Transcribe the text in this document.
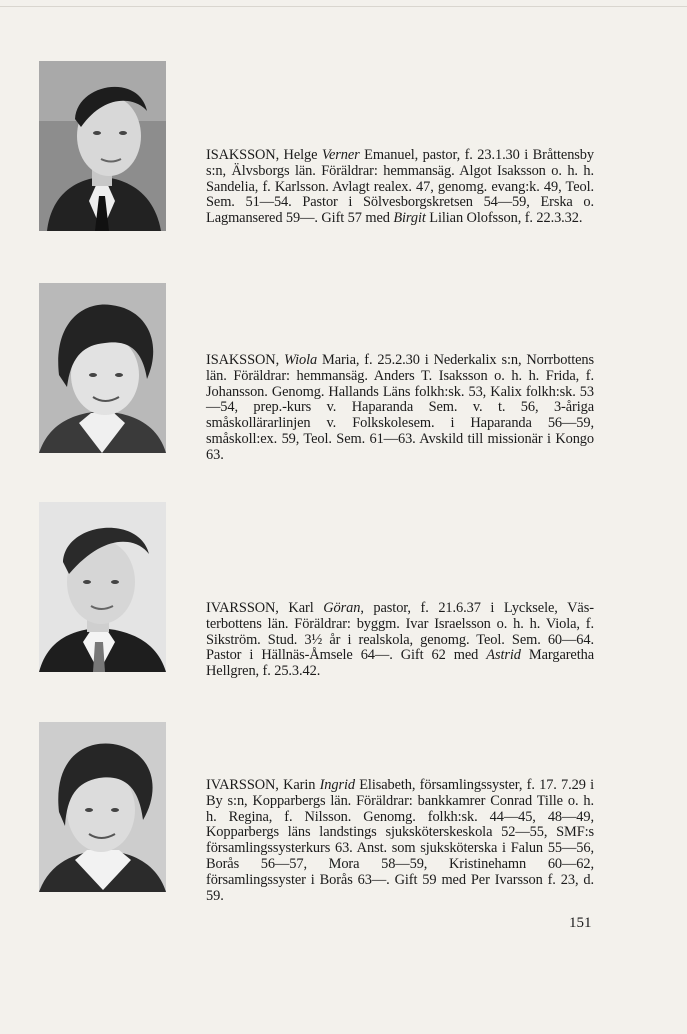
ISAKSSON, Helge Verner Emanuel, pastor, f. 23.1.30 i Bråttensby s:n, Älvsborgs län. Föräldrar: hemmansäg. Algot Isaksson o. h. h. Sandelia, f. Karlsson. Avlagt realex. 47, genomg. evang:k. 49, Teol. Sem. 51—54. Pastor i Sölvesborgskretsen 54—59, Erska o. Lagmansered 59—. Gift 57 med Birgit Lilian Olofsson, f. 22.3.32.
ISAKSSON, Wiola Maria, f. 25.2.30 i Nederkalix s:n, Norrbottens län. Föräldrar: hemmansäg. Anders T. Isaksson o. h. h. Frida, f. Johansson. Genomg. Hallands Läns folkh:sk. 53, Kalix folkh:sk. 53—54, prep.-kurs v. Haparanda Sem. v. t. 56, 3-åriga småskollärarlinjen v. Folkskolesem. i Haparanda 56—59, småskoll:ex. 59, Teol. Sem. 61—63. Avskild till missionär i Kongo 63.
IVARSSON, Karl Göran, pastor, f. 21.6.37 i Lycksele, Västerbottens län. Föräldrar: byggm. Ivar Israelsson o. h. h. Viola, f. Sikström. Stud. 3½ år i realskola, genomg. Teol. Sem. 60—64. Pastor i Hällnäs-Åmsele 64—. Gift 62 med Astrid Margaretha Hellgren, f. 25.3.42.
IVARSSON, Karin Ingrid Elisabeth, församlingssyster, f. 17. 7.29 i By s:n, Kopparbergs län. Föräldrar: bankkamrer Conrad Tille o. h. h. Regina, f. Nilsson. Genomg. folkh:sk. 44—45, 48—49, Kopparbergs läns landstings sjuksköterskeskola 52—55, SMF:s församlingssysterkurs 63. Anst. som sjuksköterska i Falun 55—56, Borås 56—57, Mora 58—59, Kristinehamn 60—62, församlingssyster i Borås 63—. Gift 59 med Per Ivarsson f. 23, d. 59.
151
